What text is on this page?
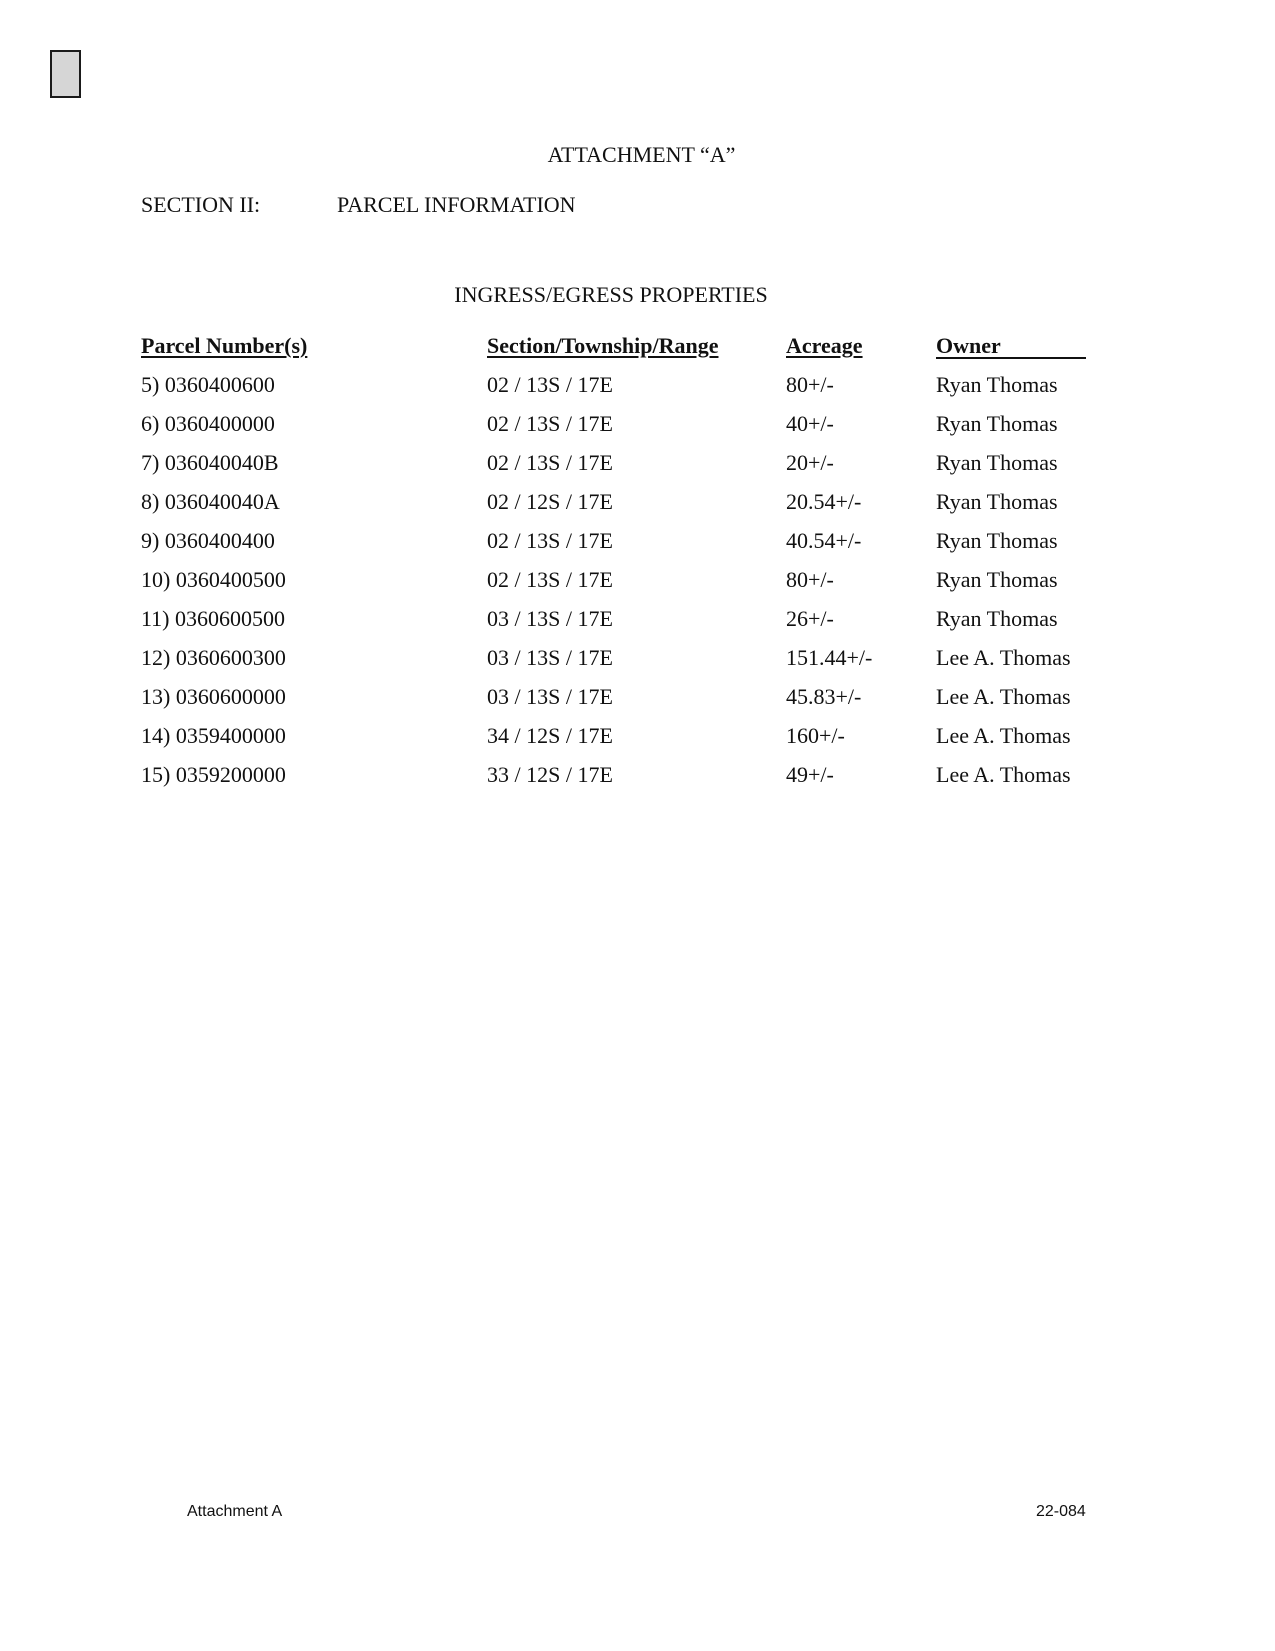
ATTACHMENT “A”
SECTION II:	PARCEL INFORMATION
INGRESS/EGRESS PROPERTIES
Parcel Number(s)	Section/Township/Range	Acreage	Owner
5) 0360400600	02 / 13S / 17E	80+/-	Ryan Thomas
6) 0360400000	02 / 13S / 17E	40+/-	Ryan Thomas
7) 036040040B	02 / 13S / 17E	20+/-	Ryan Thomas
8) 036040040A	02 / 12S / 17E	20.54+/-	Ryan Thomas
9) 0360400400	02 / 13S / 17E	40.54+/-	Ryan Thomas
10) 0360400500	02 / 13S / 17E	80+/-	Ryan Thomas
11) 0360600500	03 / 13S / 17E	26+/-	Ryan Thomas
12) 0360600300	03 / 13S / 17E	151.44+/-	Lee A. Thomas
13) 0360600000	03 / 13S / 17E	45.83+/-	Lee A. Thomas
14) 0359400000	34 / 12S / 17E	160+/-	Lee A. Thomas
15) 0359200000	33 / 12S / 17E	49+/-	Lee A. Thomas
Attachment A	22-084
